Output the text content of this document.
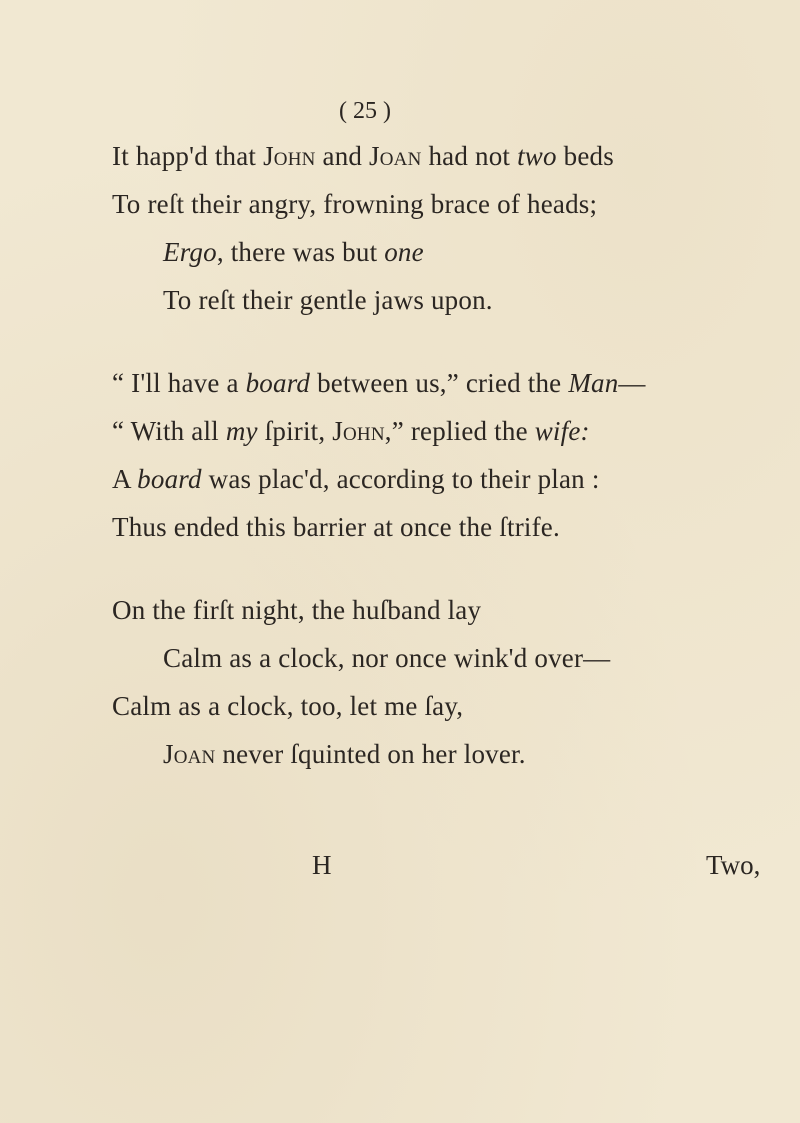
( 25 )
It happ'd that John and Joan had not two beds
To reſt their angry, frowning brace of heads;
Ergo, there was but one
To reſt their gentle jaws upon.
“ I'll have a board between us,” cried the Man—
“ With all my ſpirit, John,” replied the wife:
A board was plac'd, according to their plan :
Thus ended this barrier at once the ſtrife.
On the firſt night, the huſband lay
Calm as a clock, nor once wink'd over—
Calm as a clock, too, let me ſay,
Joan never ſquinted on her lover.
H	Two,
